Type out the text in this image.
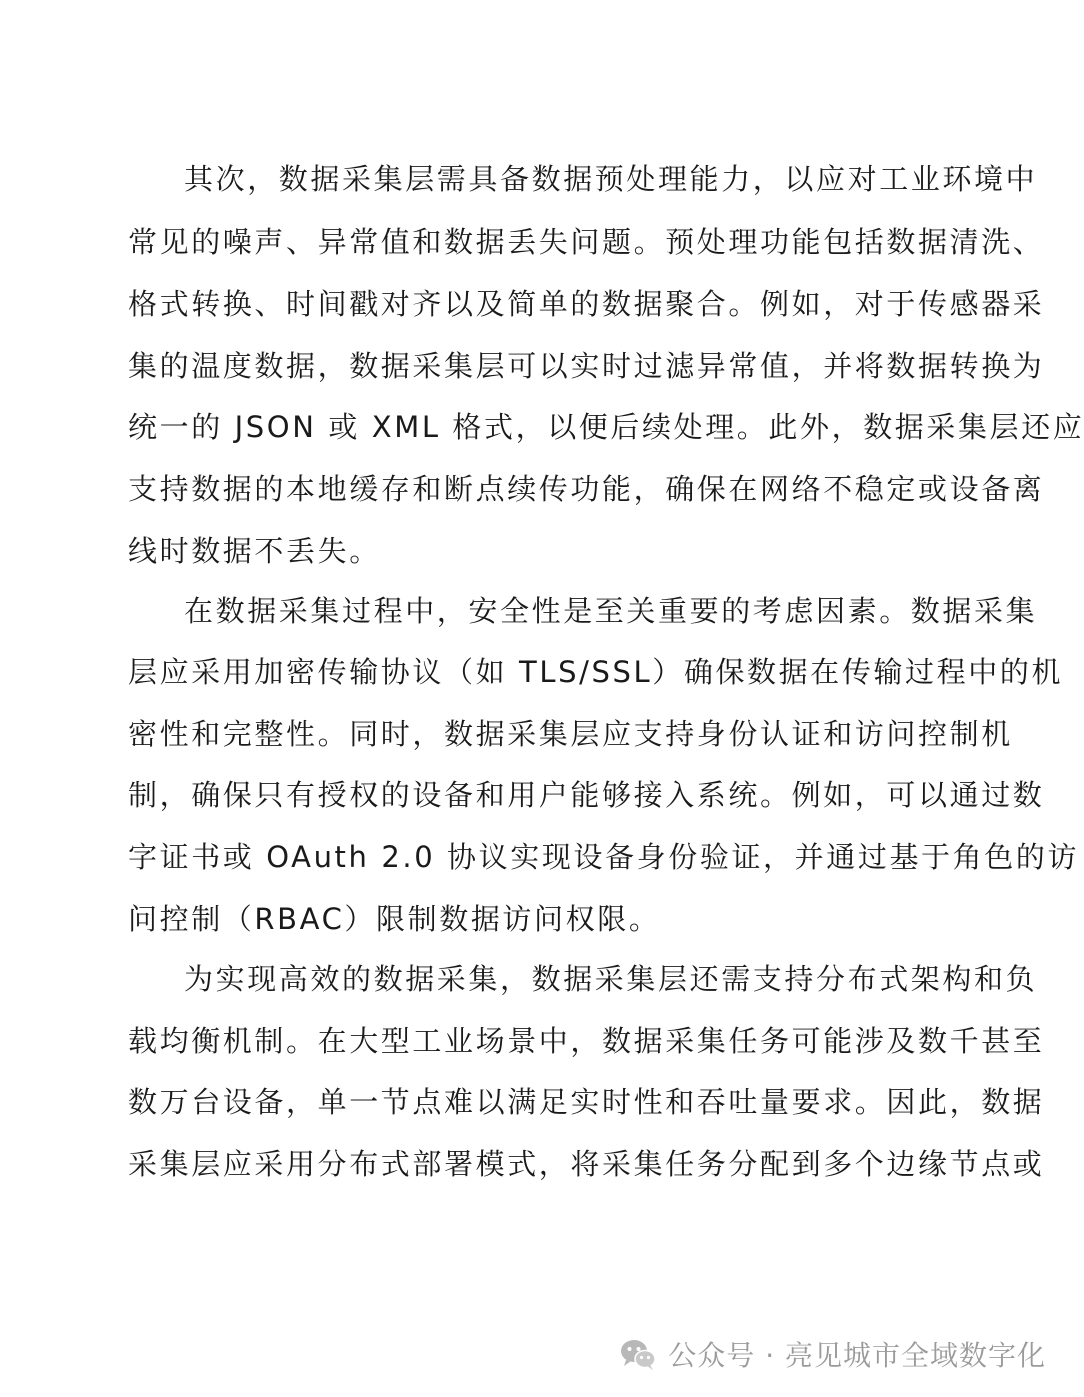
其次，数据采集层需具备数据预处理能力，以应对工业环境中
常见的噪声、异常值和数据丢失问题。预处理功能包括数据清洗、
格式转换、时间戳对齐以及简单的数据聚合。例如，对于传感器采
集的温度数据，数据采集层可以实时过滤异常值，并将数据转换为
统一的 JSON 或 XML 格式，以便后续处理。此外，数据采集层还应
支持数据的本地缓存和断点续传功能，确保在网络不稳定或设备离
线时数据不丢失。
在数据采集过程中，安全性是至关重要的考虑因素。数据采集
层应采用加密传输协议（如 TLS/SSL）确保数据在传输过程中的机
密性和完整性。同时，数据采集层应支持身份认证和访问控制机
制，确保只有授权的设备和用户能够接入系统。例如，可以通过数
字证书或 OAuth 2.0 协议实现设备身份验证，并通过基于角色的访
问控制（RBAC）限制数据访问权限。
为实现高效的数据采集，数据采集层还需支持分布式架构和负
载均衡机制。在大型工业场景中，数据采集任务可能涉及数千甚至
数万台设备，单一节点难以满足实时性和吞吐量要求。因此，数据
采集层应采用分布式部署模式，将采集任务分配到多个边缘节点或
公众号 · 亮见城市全域数字化
